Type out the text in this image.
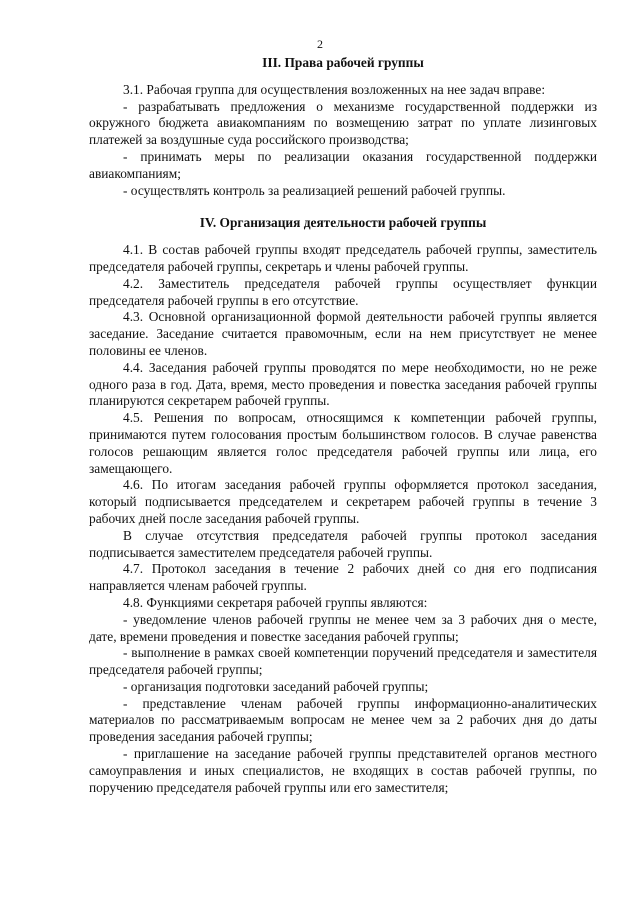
2
III. Права рабочей группы

3.1. Рабочая группа для осуществления возложенных на нее задач вправе:

- разрабатывать предложения о механизме государственной поддержки из окружного бюджета авиакомпаниям по возмещению затрат по уплате лизинговых платежей за воздушные суда российского производства;

- принимать меры по реализации оказания государственной поддержки авиакомпаниям;

- осуществлять контроль за реализацией решений рабочей группы.

IV. Организация деятельности рабочей группы

4.1. В состав рабочей группы входят председатель рабочей группы, заместитель председателя рабочей группы, секретарь и члены рабочей группы.

4.2. Заместитель председателя рабочей группы осуществляет функции председателя рабочей группы в его отсутствие.

4.3. Основной организационной формой деятельности рабочей группы является заседание. Заседание считается правомочным, если на нем присутствует не менее половины ее членов.

4.4. Заседания рабочей группы проводятся по мере необходимости, но не реже одного раза в год. Дата, время, место проведения и повестка заседания рабочей группы планируются секретарем рабочей группы.

4.5. Решения по вопросам, относящимся к компетенции рабочей группы, принимаются путем голосования простым большинством голосов. В случае равенства голосов решающим является голос председателя рабочей группы или лица, его замещающего.

4.6. По итогам заседания рабочей группы оформляется протокол заседания, который подписывается председателем и секретарем рабочей группы в течение 3 рабочих дней после заседания рабочей группы.

В случае отсутствия председателя рабочей группы протокол заседания подписывается заместителем председателя рабочей группы.

4.7. Протокол заседания в течение 2 рабочих дней со дня его подписания направляется членам рабочей группы.

4.8. Функциями секретаря рабочей группы являются:

- уведомление членов рабочей группы не менее чем за 3 рабочих дня о месте, дате, времени проведения и повестке заседания рабочей группы;

- выполнение в рамках своей компетенции поручений председателя и заместителя председателя рабочей группы;

- организация подготовки заседаний рабочей группы;

- представление членам рабочей группы информационно-аналитических материалов по рассматриваемым вопросам не менее чем за 2 рабочих дня до даты проведения заседания рабочей группы;

- приглашение на заседание рабочей группы представителей органов местного самоуправления и иных специалистов, не входящих в состав рабочей группы, по поручению председателя рабочей группы или его заместителя;
